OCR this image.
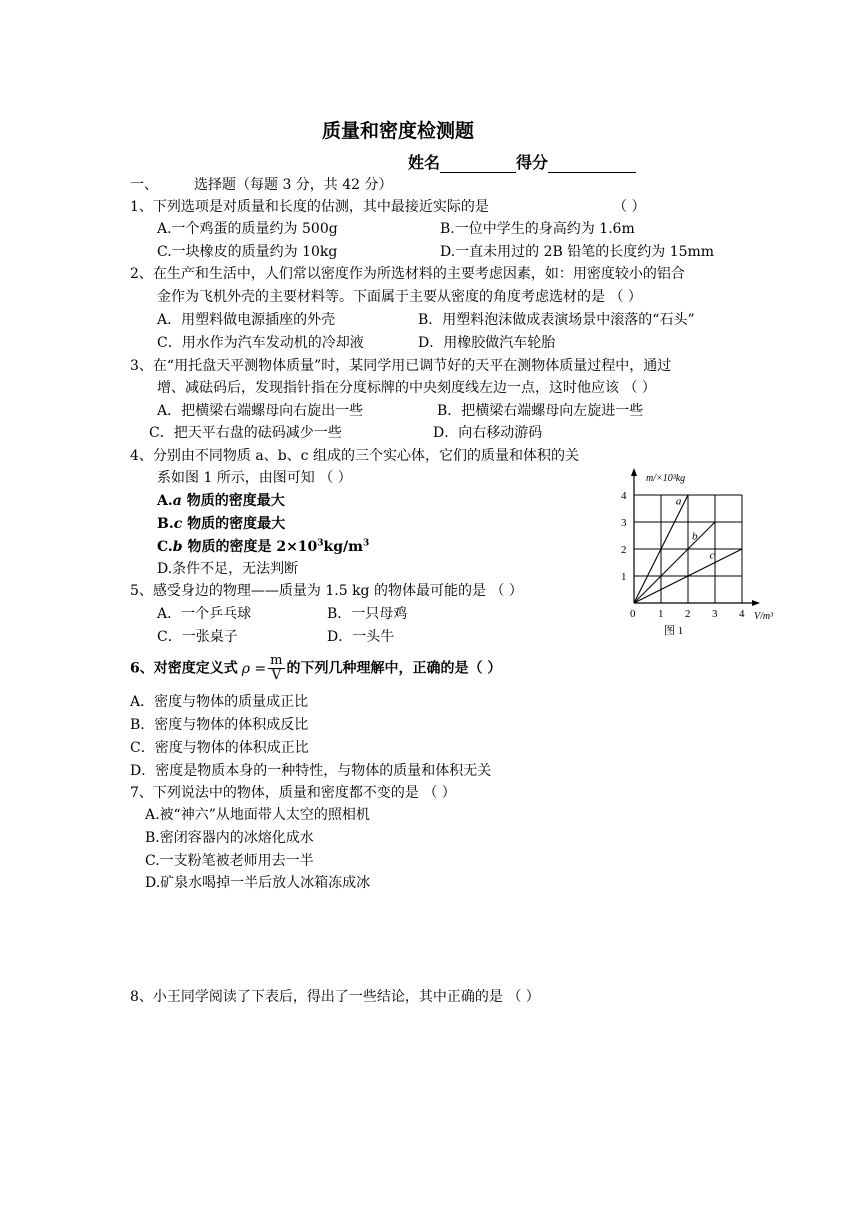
质量和密度检测题
姓名	得分
一、	选择题（每题 3 分，共 42 分）
1、下列选项是对质量和长度的估测，其中最接近实际的是	（ ）
A.一个鸡蛋的质量约为 500g	B.一位中学生的身高约为 1.6m
C.一块橡皮的质量约为 10kg	D.一直未用过的 2B 铅笔的长度约为 15mm
2、在生产和生活中，人们常以密度作为所选材料的主要考虑因素，如：用密度较小的铝合
金作为飞机外壳的主要材料等。下面属于主要从密度的角度考虑选材的是 （ ）
A．用塑料做电源插座的外壳	B．用塑料泡沫做成表演场景中滚落的“石头”
C．用水作为汽车发动机的冷却液	D．用橡胶做汽车轮胎
3、在“用托盘天平测物体质量”时，某同学用已调节好的天平在测物体质量过程中，通过
增、减砝码后，发现指针指在分度标牌的中央刻度线左边一点，这时他应该 （ ）
A．把横梁右端螺母向右旋出一些	B．把横梁右端螺母向左旋进一些
C．把天平右盘的砝码减少一些	D．向右移动游码
4、分别由不同物质 a、b、c 组成的三个实心体，它们的质量和体积的关
系如图 1 所示，由图可知 （ ）
A.a 物质的密度最大
B.c 物质的密度最大
C.b 物质的密度是 $2\times 10^3kg/m^3$
D.条件不足，无法判断
5、感受身边的物理——质量为 1.5 kg 的物体最可能的是 （ ）
A．一个乒乓球	B．一只母鸡
C．一张桌子	D．一头牛
a
b
c
1 2 3 4
1
2
3
4
0
m/×10³kg
V/m³
图 1
6、对密度定义式 $\rho = \frac{m}{V}$ 的下列几种理解中，正确的是（ ）
A．密度与物体的质量成正比
B．密度与物体的体积成反比
C．密度与物体的体积成正比
D．密度是物质本身的一种特性，与物体的质量和体积无关
7、下列说法中的物体，质量和密度都不变的是 （ ）
A.被“神六”从地面带人太空的照相机
B.密闭容器内的冰熔化成水
C.一支粉笔被老师用去一半
D.矿泉水喝掉一半后放人冰箱冻成冰
8、小王同学阅读了下表后，得出了一些结论，其中正确的是 （ ）
